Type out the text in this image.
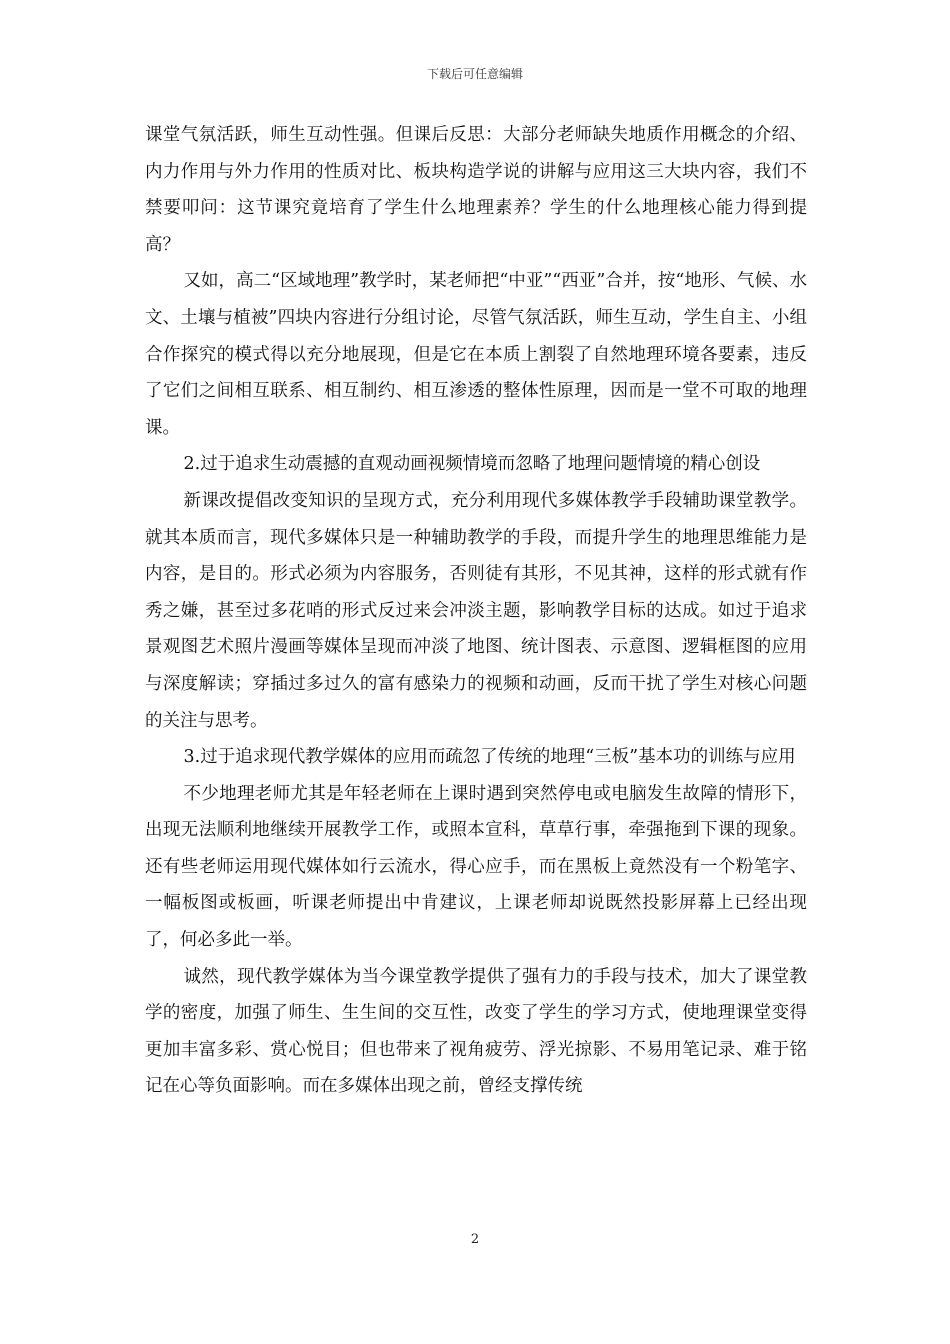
下载后可任意编辑

课堂气氛活跃，师生互动性强。但课后反思：大部分老师缺失地质作用概念的介绍、内力作用与外力作用的性质对比、板块构造学说的讲解与应用这三大块内容，我们不禁要叩问：这节课究竟培育了学生什么地理素养？学生的什么地理核心能力得到提高？

又如，高二“区域地理”教学时，某老师把“中亚”“西亚”合并，按“地形、气候、水文、土壤与植被”四块内容进行分组讨论，尽管气氛活跃，师生互动，学生自主、小组合作探究的模式得以充分地展现，但是它在本质上割裂了自然地理环境各要素，违反了它们之间相互联系、相互制约、相互渗透的整体性原理，因而是一堂不可取的地理课。

2.过于追求生动震撼的直观动画视频情境而忽略了地理问题情境的精心创设

新课改提倡改变知识的呈现方式，充分利用现代多媒体教学手段辅助课堂教学。就其本质而言，现代多媒体只是一种辅助教学的手段，而提升学生的地理思维能力是内容，是目的。形式必须为内容服务，否则徒有其形，不见其神，这样的形式就有作秀之嫌，甚至过多花哨的形式反过来会冲淡主题，影响教学目标的达成。如过于追求景观图艺术照片漫画等媒体呈现而冲淡了地图、统计图表、示意图、逻辑框图的应用与深度解读；穿插过多过久的富有感染力的视频和动画，反而干扰了学生对核心问题的关注与思考。

3.过于追求现代教学媒体的应用而疏忽了传统的地理“三板”基本功的训练与应用

不少地理老师尤其是年轻老师在上课时遇到突然停电或电脑发生故障的情形下，出现无法顺利地继续开展教学工作，或照本宣科，草草行事，牵强拖到下课的现象。还有些老师运用现代媒体如行云流水，得心应手，而在黑板上竟然没有一个粉笔字、一幅板图或板画，听课老师提出中肯建议，上课老师却说既然投影屏幕上已经出现了，何必多此一举。

诚然，现代教学媒体为当今课堂教学提供了强有力的手段与技术，加大了课堂教学的密度，加强了师生、生生间的交互性，改变了学生的学习方式，使地理课堂变得更加丰富多彩、赏心悦目；但也带来了视角疲劳、浮光掠影、不易用笔记录、难于铭记在心等负面影响。而在多媒体出现之前，曾经支撑传统

2
